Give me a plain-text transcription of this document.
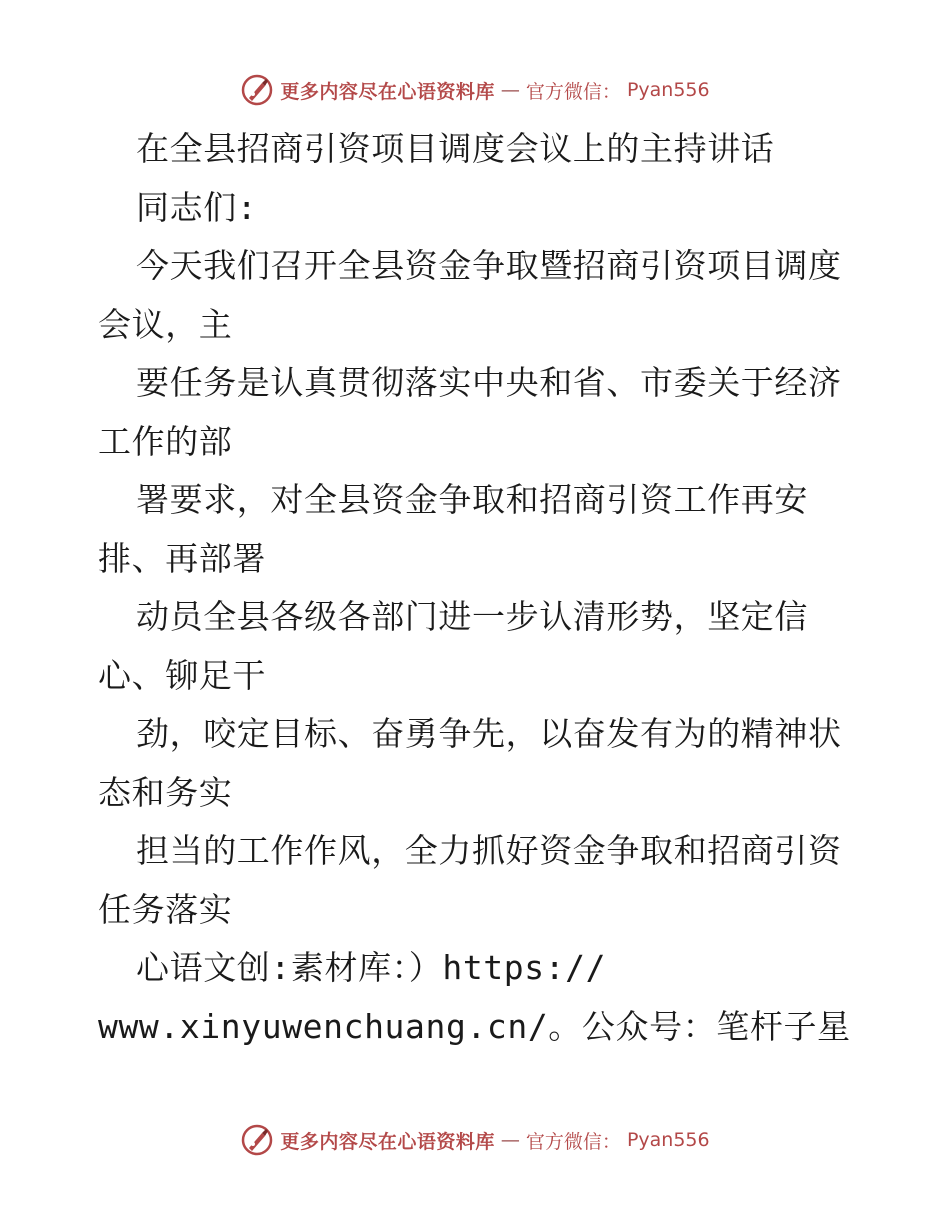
更多内容尽在心语资料库 — 官方微信： Pyan556
在全县招商引资项目调度会议上的主持讲话
同志们:
今天我们召开全县资金争取暨招商引资项目调度
会议，主
要任务是认真贯彻落实中央和省、市委关于经济
工作的部
署要求，对全县资金争取和招商引资工作再安
排、再部署
动员全县各级各部门进一步认清形势，坚定信
心、铆足干
劲，咬定目标、奋勇争先，以奋发有为的精神状
态和务实
担当的工作作风，全力抓好资金争取和招商引资
任务落实
心语文创:素材库：）https://
www.xinyuwenchuang.cn/。公众号：笔杆子星
更多内容尽在心语资料库 — 官方微信： Pyan556
